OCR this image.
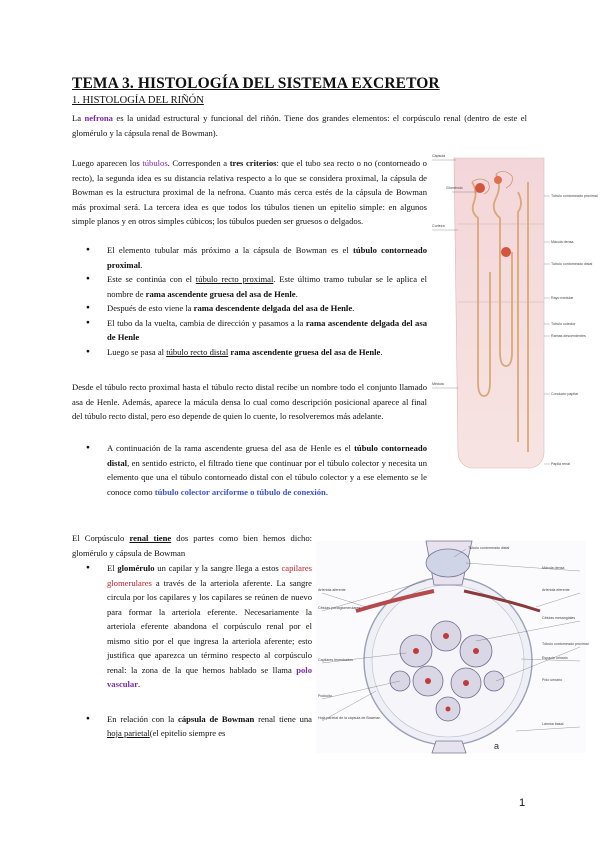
TEMA 3. HISTOLOGÍA DEL SISTEMA EXCRETOR
1. HISTOLOGÍA DEL RIÑÓN
La nefrona es la unidad estructural y funcional del riñón. Tiene dos grandes elementos: el corpúsculo renal (dentro de este el glomérulo y la cápsula renal de Bowman).
Luego aparecen los túbulos. Corresponden a tres criterios: que el tubo sea recto o no (contorneado o recto), la segunda idea es su distancia relativa respecto a lo que se considera proximal, la cápsula de Bowman es la estructura proximal de la nefrona. Cuanto más cerca estés de la cápsula de Bowman más proximal será. La tercera idea es que todos los túbulos tienen un epitelio simple: en algunos simple planos y en otros simples cúbicos; los túbulos pueden ser gruesos o delgados.
● El elemento tubular más próximo a la cápsula de Bowman es el túbulo contorneado proximal.
● Este se continúa con el túbulo recto proximal. Este último tramo tubular se le aplica el nombre de rama ascendente gruesa del asa de Henle.
● Después de esto viene la rama descendente delgada del asa de Henle.
● El tubo da la vuelta, cambia de dirección y pasamos a la rama ascendente delgada del asa de Henle
● Luego se pasa al túbulo recto distal rama ascendente gruesa del asa de Henle.
Desde el túbulo recto proximal hasta el túbulo recto distal recibe un nombre todo el conjunto llamado asa de Henle. Además, aparece la mácula densa lo cual como descripción posicional aparece al final del túbulo recto distal, pero eso depende de quien lo cuente, lo resolveremos más adelante.
● A continuación de la rama ascendente gruesa del asa de Henle es el túbulo contorneado distal, en sentido estricto, el filtrado tiene que continuar por el túbulo colector y necesita un elemento que una el túbulo contorneado distal con el túbulo colector y a ese elemento se le conoce como túbulo colector arciforme o túbulo de conexión.
El Corpúsculo renal tiene dos partes como bien hemos dicho: glomérulo y cápsula de Bowman
● El glomérulo un capilar y la sangre llega a estos capilares glomerulares a través de la arteriola aferente. La sangre circula por los capilares y los capilares se reúnen de nuevo para formar la arteriola eferente. Necesariamente la arteriola eferente abandona el corpúsculo renal por el mismo sitio por el que ingresa la arteriola aferente; esto justifica que aparezca un término respecto al corpúsculo renal: la zona de la que hemos hablado se llama polo vascular.
● En relación con la cápsula de Bowman renal tiene una hoja parietal(el epitelio siempre es
Cápsula
Corteza
Glomérulo
Túbulo contorneado proximal
Mácula densa
Túbulo contorneado distal
Rayo medular
Túbulo colector
Ramas descendentes
Médula
Conducto papilar
Papila renal
Arteriola aferente	Arteriola eferente
Células yuxtaglomerulares
Mácula densa
Túbulo contorneado distal
Células mesangiales
Capilares fenestrados
Podocito
Hoja parietal de la cápsula de Bowman
Lámina basal
Espacio urinario
Túbulo contorneado proximal
Polo urinario
a
1
